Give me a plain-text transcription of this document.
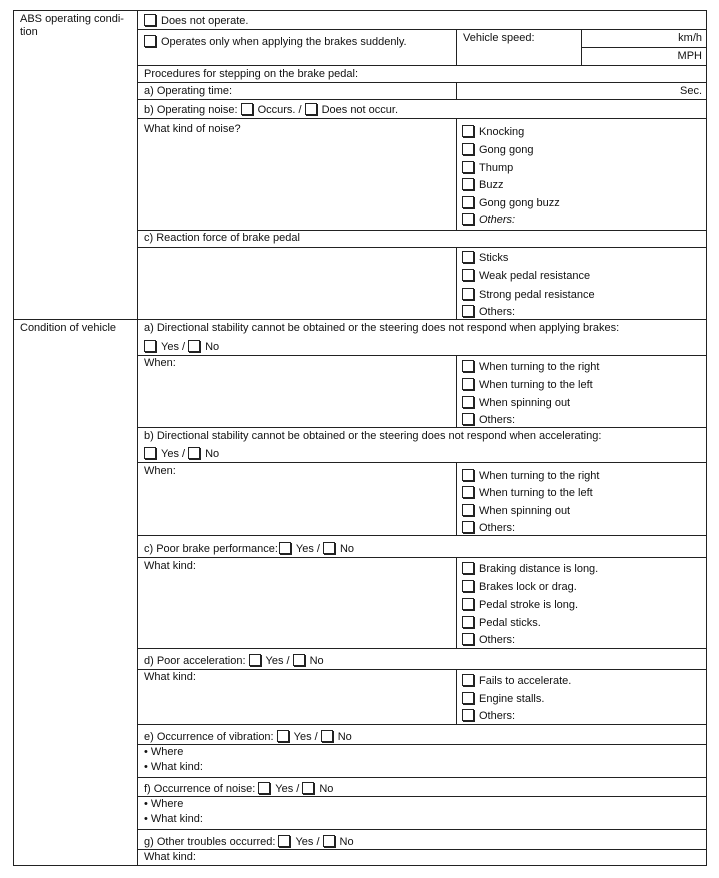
ABS operating condi-
tion
Does not operate.
Operates only when applying the brakes suddenly.	Vehicle speed:	km/h
MPH
Procedures for stepping on the brake pedal:
a) Operating time:	Sec.
b) Operating noise: Occurs. / Does not occur.
What kind of noise?	Knocking
Gong gong
Thump
Buzz
Gong gong buzz
Others:
c) Reaction force of brake pedal
Sticks
Weak pedal resistance
Strong pedal resistance
Others:
Condition of vehicle	a) Directional stability cannot be obtained or the steering does not respond when applying brakes:
Yes / No
When:	When turning to the right
When turning to the left
When spinning out
Others:
b) Directional stability cannot be obtained or the steering does not respond when accelerating:
Yes / No
When:	When turning to the right
When turning to the left
When spinning out
Others:
c) Poor brake performance: Yes / No
What kind:	Braking distance is long.
Brakes lock or drag.
Pedal stroke is long.
Pedal sticks.
Others:
d) Poor acceleration: Yes / No
What kind:	Fails to accelerate.
Engine stalls.
Others:
e) Occurrence of vibration: Yes / No
• Where
• What kind:
f) Occurrence of noise: Yes / No
• Where
• What kind:
g) Other troubles occurred: Yes / No
What kind:
